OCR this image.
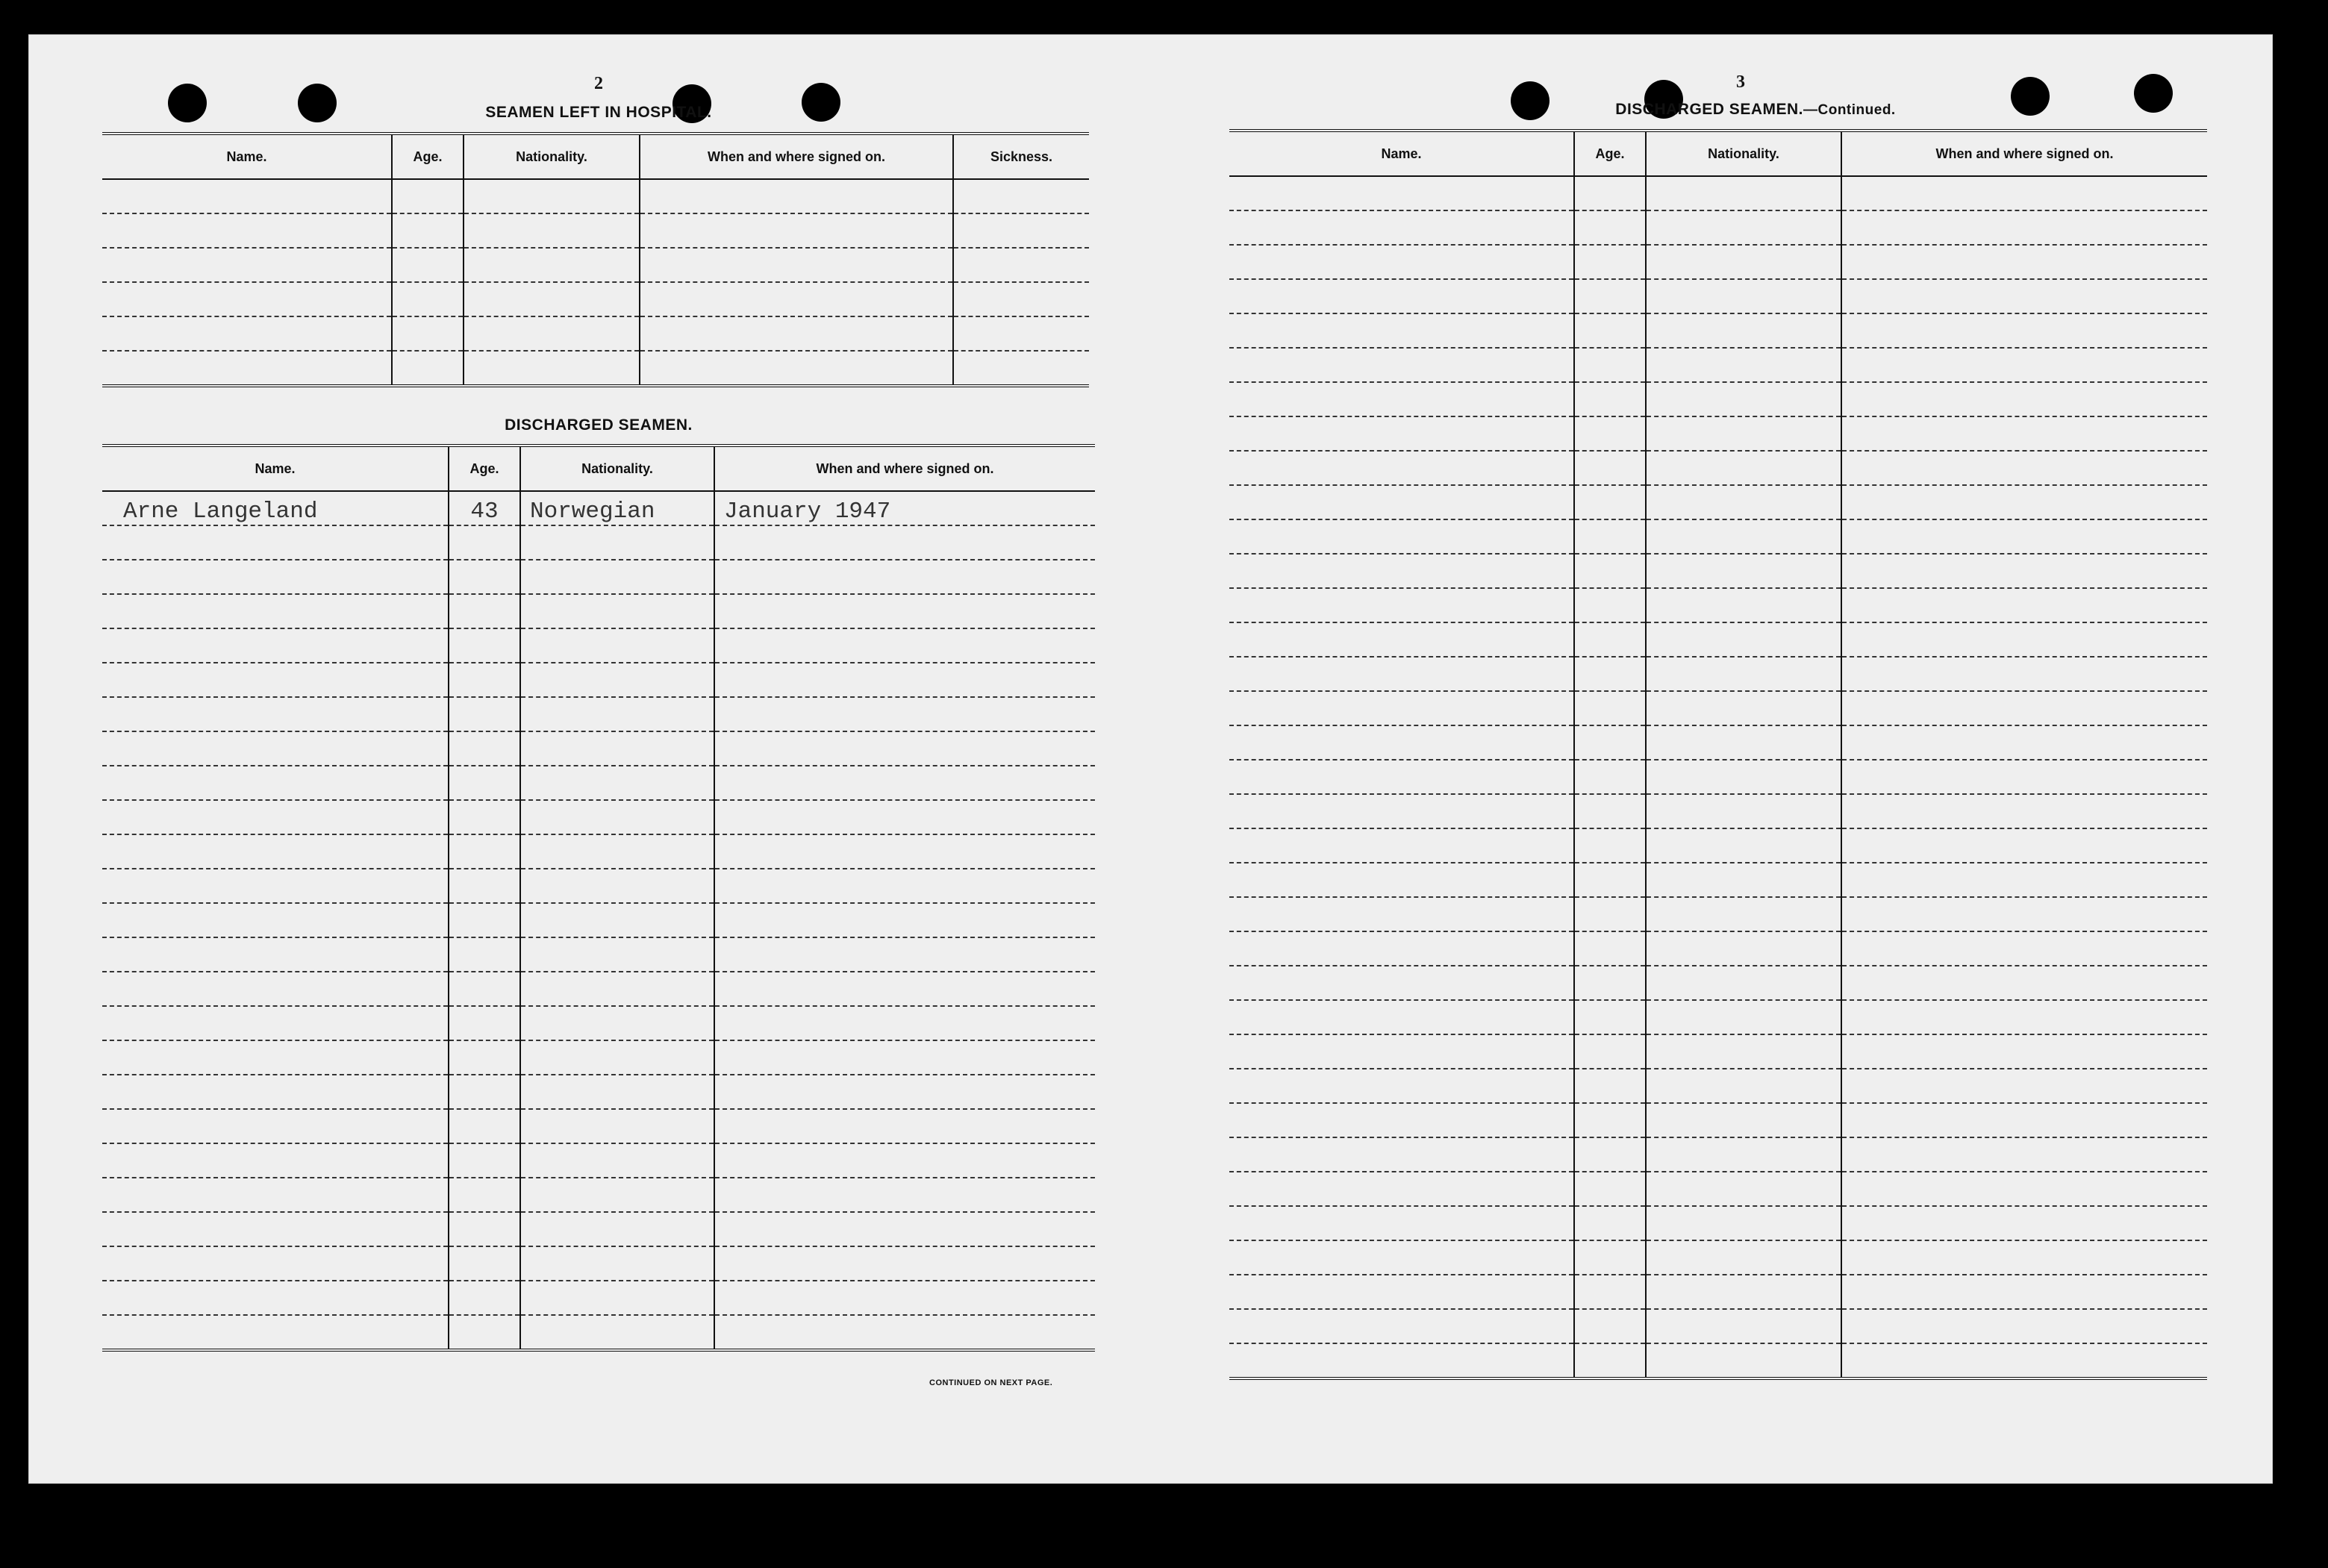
2
SEAMEN LEFT IN HOSPITAL.
Name.	Age.	Nationality.	When and where signed on.	Sickness.

DISCHARGED SEAMEN.
Name.	Age.	Nationality.	When and where signed on.
Arne Langeland	43	Norwegian	January 1947

CONTINUED ON NEXT PAGE.
3
DISCHARGED SEAMEN.—Continued.
Name.	Age.	Nationality.	When and where signed on.
